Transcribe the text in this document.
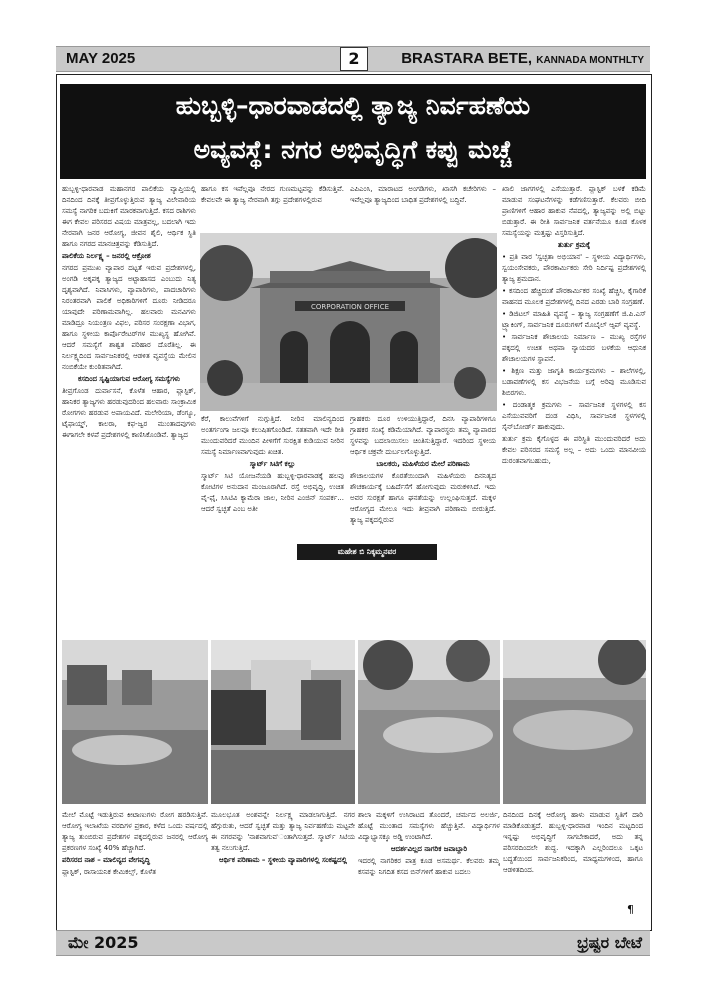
MAY 2025	BRASTARA BETE, KANNADA MONTHLTY
2
ಹುಬ್ಬಳ್ಳಿ–ಧಾರವಾಡದಲ್ಲಿ ತ್ಯಾಜ್ಯ ನಿರ್ವಹಣೆಯ
ಅವ್ಯವಸ್ಥೆ: ನಗರ ಅಭಿವೃದ್ಧಿಗೆ ಕಪ್ಪು ಮಚ್ಚೆ

ಹುಬ್ಬಳ್ಳಿ-ಧಾರವಾಡ ಮಹಾನಗರ ಪಾಲಿಕೆಯ ವ್ಯಾಪ್ತಿಯಲ್ಲಿ ದಿನದಿಂದ ದಿನಕ್ಕೆ ತೀವ್ರಗೊಳ್ಳುತ್ತಿರುವ ತ್ಯಾಜ್ಯ ವಿಲೇವಾರಿಯ ಸಮಸ್ಯೆ ನಾಗರಿಕ ಬದುಕಿಗೆ ಮಾರಕವಾಗುತ್ತಿದೆ. ಕಸದ ರಾಶಿಗಳು ಈಗ ಕೇವಲ ಪರಿಸರದ ವಿಷಯ ಮಾತ್ರವಲ್ಲ, ಬದಲಾಗಿ ಇದು ನೇರವಾಗಿ ಜನರ ಆರೋಗ್ಯ, ಜೀವನ ಶೈಲಿ, ಆರ್ಥಿಕ ಸ್ಥಿತಿ ಹಾಗೂ ನಗರದ ಮಾನಚಿತ್ರವನ್ನು ಕೆಡಿಸುತ್ತಿದೆ.

ಪಾಲಿಕೆಯ ನಿರ್ಲಕ್ಷ್ಯ – ಜನರಲ್ಲಿ ಆಕ್ರೋಶ

ನಗರದ ಪ್ರಮುಖ ವ್ಯಾಪಾರ ದಟ್ಟತೆ ಇರುವ ಪ್ರದೇಶಗಳಲ್ಲಿ, ಅಂಗಡಿ ಅಕ್ಕಪಕ್ಕ ತ್ಯಾಜ್ಯದ ಅಟ್ಟಾಹಾಸದ ಎಂಬುದು ನಿತ್ಯ ದೃಶ್ಯವಾಗಿದೆ. ನಿವಾಸಿಗಳು, ವ್ಯಾಪಾರಿಗಳು, ಪಾದಚಾರಿಗಳು ನಿರಂತರವಾಗಿ ಪಾಲಿಕೆ ಅಧಿಕಾರಿಗಳಿಗೆ ದೂರು ನೀಡಿದರೂ ಯಾವುದೇ ಪರಿಣಾಮವಾಗಿಲ್ಲ. ಹಲವಾರು ಮನವಿಗಳು ಮಾಡಿದ್ರೂ ನಿಯಂತ್ರಣ ವಿಫಲ, ಪರಿಸರ ಸಂರಕ್ಷಣಾ ವಿಭಾಗ, ಹಾಗೂ ಸ್ಥಳೀಯ ಕಾರ್ಪೊರೇಟರ್‌ಗಳ ಮುಖ್ಯಸ್ಥ ಹೋಗಿವೆ. ಆದರೆ ಸಮಸ್ಯೆಗೆ ಶಾಶ್ವತ ಪರಿಹಾರ ದೊರೆತಿಲ್ಲ. ಈ ನಿರ್ಲಕ್ಷ್ಯದಿಂದ ಸಾರ್ವಜನಿಕರಲ್ಲಿ ಆಡಳಿತ ವ್ಯವಸ್ಥೆಯ ಮೇಲಿನ ನಂಬಿಕೆಯೇ ಕುಂಠಿತವಾಗಿದೆ.

ಕಸದಿಂದ ಸೃಷ್ಟಿಯಾಗುವ ಆರೋಗ್ಯ ಸಮಸ್ಯೆಗಳು

ತೀವ್ರಗೊಂಡ ದುರ್ವಾಸನೆ, ಕೊಳೆತ ಆಹಾರ, ಪ್ಲಾಸ್ಟಿಕ್, ಹಾನಿಕರ ತ್ಯಾಜ್ಯಗಳು ಹರಡುವುದರಿಂದ ಹಲವಾರು ಸಾಂಕ್ರಾಮಿಕ ರೋಗಗಳು ಹರಡುವ ಅಪಾಯವಿದೆ. ಮಲೇರಿಯಾ, ಡೆಂಗ್ಯೂ, ಟೈಫಾಯ್ಡ್, ಕಾಲರಾ, ಕಫ-ಜ್ವರ ಮುಂತಾದವುಗಳು ಈಗಾಗಲೇ ಕಳಪೆ ಪ್ರದೇಶಗಳಲ್ಲಿ ಕಾಣಿಸಿಕೊಂಡಿವೆ. ತ್ಯಾಜ್ಯದ

ಹಾಗೂ ಕಸ ಇವೆಲ್ಲವೂ ನೇರದ ಗುಣಮಟ್ಟವನ್ನು ಕೆಡಿಸುತ್ತಿವೆ. ಕೇವಲವೇ ಈ ತ್ಯಾಜ್ಯ ನೇರವಾಗಿ ತಗ್ಗು ಪ್ರದೇಶಗಳಲ್ಲಿರುವ

ಎಪಿಎಂಸಿ, ಮಾರಾಟದ ಅಂಗಡಿಗಳು, ಖಾಸಗಿ ಕಚೇರಿಗಳು – ಇವೆಲ್ಲವೂ ತ್ಯಾಜ್ಯದಿಂದ ಬಾಧಿತ ಪ್ರದೇಶಗಳಲ್ಲಿ ಬದ್ಧಿವೆ.

ಖಾಲಿ ಜಾಗಗಳಲ್ಲಿ ಎಸೆಯುತ್ತಾರೆ. ಪ್ಲಾಸ್ಟಿಕ್ ಬಳಕೆ ಕಡಿಮೆ ಮಾಡುವ ಸಂಘಟನೆಗಳನ್ನು ಕಡೆಗಣಿಸುತ್ತಾರೆ. ಕೆಲವರು ಬೀದಿ ಪ್ರಾಣಿಗಳಿಗೆ ಆಹಾರ ಹಾಕುವ ನೆಪದಲ್ಲಿ, ತ್ಯಾಜ್ಯವನ್ನು ಅಲ್ಲಿ ಬಿಟ್ಟು ಬಿಡುತ್ತಾರೆ. ಈ ರೀತಿ ಸಾರ್ವಜನಿಕ ವರ್ತನೆಯೂ ಕೂಡ ಕೊಳಕ ಸಮಸ್ಯೆಯನ್ನು ಮತ್ತಷ್ಟು ವಿಸ್ತರಿಸುತ್ತಿದೆ.

ತುರ್ತು ಕ್ರಮಕ್ಕೆ

• ಪ್ರತಿ ವಾರ 'ಸ್ವಚ್ಛತಾ ಅಭಿಯಾನ' – ಸ್ಥಳೀಯ ವಿದ್ಯಾರ್ಥಿಗಳು, ಸ್ವಯಂಸೇವಕರು, ಪೌರಕಾರ್ಮಿಕರು ಸೇರಿ ನಿರ್ದಿಷ್ಟ ಪ್ರದೇಶಗಳಲ್ಲಿ ತ್ಯಾಜ್ಯ ಶ್ರಮದಾನ.

• ಕಸದಿಂದ ಹೆಚ್ಚಿದಂತೆ ಪೌರಕಾರ್ಮಿಕರ ಸಂಖ್ಯೆ ಹೆಚ್ಚಿಸಿ, ಕೈಗಾರಿಕೆ ವಾಹನದ ಮೂಲಕ ಪ್ರದೇಶಗಳಲ್ಲಿ ದಿನದ ಎರಡು ಬಾರಿ ಸಂಗ್ರಹಣೆ.

• ಡಿಜಿಟಲ್ ಮಾಹಿತಿ ವ್ಯವಸ್ಥೆ – ತ್ಯಾಜ್ಯ ಸಂಗ್ರಹಣೆಗೆ ಜಿ.ಪಿ.ಎಸ್ ಟ್ರ್ಯಾಕಿಂಗ್, ಸಾರ್ವಜನಿಕ ದೂರುಗಳಿಗೆ ಮೊಬೈಲ್ ಆ್ಯಪ್ ವ್ಯವಸ್ಥೆ.

• ಸಾರ್ವಜನಿಕ ಶೌಚಾಲಯ ನಿರ್ಮಾಣ – ಮುಖ್ಯ ರಸ್ತೆಗಳ ಪಕ್ಕದಲ್ಲಿ ಉಚಿತ ಅಥವಾ ನ್ಯಾಯದರ ಬಳಕೆಯ ಆಧುನಿಕ ಶೌಚಾಲಯಗಳ ಸ್ಥಾಪನೆ.

• ಶಿಕ್ಷಣ ಮತ್ತು ಜಾಗೃತಿ ಕಾರ್ಯಕ್ರಮಗಳು – ಶಾಲೆಗಳಲ್ಲಿ, ಬಡಾವಣೆಗಳಲ್ಲಿ ಕಸ ವಿಭಜನೆಯ ಬಗ್ಗೆ ಅರಿವು ಮೂಡಿಸುವ ಶಿಬಿರಗಳು.

• ದಂಡಾತ್ಮಕ ಕ್ರಮಗಳು – ಸಾರ್ವಜನಿಕ ಸ್ಥಳಗಳಲ್ಲಿ ಕಸ ಎಸೆಯುವವರಿಗೆ ದಂಡ ವಿಧಿಸಿ, ಸಾರ್ವಜನಿಕ ಸ್ಥಳಗಳಲ್ಲಿ ಸೈನ್‌ಬೋರ್ಡ್ ಹಾಕುವುದು.

ತುರ್ತು ಕ್ರಮ ಕೈಗೊಳ್ಳದ ಈ ಪರಿಸ್ಥಿತಿ ಮುಂದುವರಿದರೆ ಅದು ಕೇವಲ ಪರಿಸರದ ಸಮಸ್ಯೆ ಅಲ್ಲ – ಅದು ಒಂದು ಮಾನವೀಯ ದುರಂತವಾಗಬಹುದು,

CORPORATION OFFICE

ಕೆರೆ, ಕಾಲುವೆಗಳಿಗೆ ನುಗ್ಗುತ್ತಿದೆ. ನೀರಿನ ಮಾಲಿನ್ಯದಿಂದ ಅಂತರ್ಗಂಗಾ ಜಲವೂ ಕಲುಷಿತಗೊಂಡಿದೆ. ಸತತವಾಗಿ ಇದೇ ರೀತಿ ಮುಂದುವರಿದರೆ ಮುಂದಿನ ಪೀಳಿಗೆಗೆ ಸುರಕ್ಷಿತ ಕುಡಿಯುವ ನೀರಿನ ಸಮಸ್ಯೆ ನಿರ್ಮಾಣವಾಗುವುದು ಖಚಿತ.

ಸ್ಮಾರ್ಟ್ ಸಿಟಿಗೆ ಕಲ್ಲು

ಸ್ಮಾರ್ಟ್ ಸಿಟಿ ಯೋಜನೆಯಡಿ ಹುಬ್ಬಳ್ಳಿ-ಧಾರವಾಡಕ್ಕೆ ಹಲವು ಕೋಟಿಗಳ ಅನುದಾನ ಮಂಜೂರಾಗಿದೆ. ರಸ್ತೆ ಅಭಿವೃದ್ಧಿ, ಉಚಿತ ವೈ-ಫೈ, ಸಿಸಿಟಿವಿ ಕ್ಯಾಮೆರಾ ಜಾಲ, ನೀರಿನ ಎಂಜಿನ್ ಸಂಪರ್ಕ... ಆದರೆ ಸ್ವಚ್ಛತೆ ಎಂಬ ಅತೀ

ಗ್ರಾಹಕರು ದೂರ ಉಳಿಯುತ್ತಿದ್ದಾರೆ, ದಿನಸಿ ವ್ಯಾಪಾರಿಗಳಿಗೂ ಗ್ರಾಹಕರ ಸಂಖ್ಯೆ ಕಡಿಮೆಯಾಗಿದೆ. ವ್ಯಾಪಾರಸ್ಥರು ತಮ್ಮ ವ್ಯಾಪಾರದ ಸ್ಥಳವನ್ನು ಬದಲಾಯಿಸಲು ಚಿಂತಿಸುತ್ತಿದ್ದಾರೆ. ಇದರಿಂದ ಸ್ಥಳೀಯ ಆರ್ಥಿಕ ಚಕ್ರವೇ ದುರ್ಬಲಗೊಳ್ಳುತ್ತಿದೆ.

ಬಾಲಕರು, ಮಹಿಳೆಯರ ಮೇಲೆ ಪರಿಣಾಮ

ಶೌಚಾಲಯಗಳ ಕೊರತೆಯಿಂದಾಗಿ ಮಹಿಳೆಯರು ದಿನನಿತ್ಯದ ಶೌಚಕಾರ್ಯಕ್ಕೆ ಬಹಿರ್ದೆಸೆಗೆ ಹೋಗುವುದು ಮರುಕಳಿಸಿದೆ. ಇದು ಅವರ ಸುರಕ್ಷತೆ ಹಾಗೂ ಘನತೆಯನ್ನು ಉಲ್ಲಂಘಿಸುತ್ತದೆ. ಮಕ್ಕಳ ಆರೋಗ್ಯದ ಮೇಲೂ ಇದು ತೀವ್ರವಾಗಿ ಪರಿಣಾಮ ಬೀರುತ್ತಿದೆ. ತ್ಯಾಜ್ಯ ಪಕ್ಕದಲ್ಲಿರುವ

ಮಹೇಶ ಬಿ ನಿಕ್ಕಮ್ಮನವರ

ಮೇಲೆ ಮೊಟ್ಟೆ ಇಡುತ್ತಿರುವ ಕೀಟಾಣುಗಳು ರೋಗ ಹರಡಿಸುತ್ತಿವೆ. ಆರೋಗ್ಯ ಇಲಾಖೆಯ ವರದಿಗಳ ಪ್ರಕಾರ, ಕಳೆದ ಒಂದು ವರ್ಷದಲ್ಲಿ ತ್ಯಾಜ್ಯ ತುಂಬಿರುವ ಪ್ರದೇಶಗಳ ಪಕ್ಕದಲ್ಲಿರುವ ಜನರಲ್ಲಿ ಆರೋಗ್ಯ ಪ್ರಕರಣಗಳ ಸಂಖ್ಯೆ 40% ಹೆಚ್ಚಾಗಿದೆ.

ಪರಿಸರದ ನಾಶ – ಮಾಲಿನ್ಯದ ವೇಗವೃದ್ಧಿ

ಪ್ಲಾಸ್ಟಿಕ್, ರಾಸಾಯನಿಕ ಕೇಮಿಕಲ್ಸ್, ಕೊಳೆತ

ಮೂಲಭೂತ ಅಂಶವನ್ನೇ ನಿರ್ಲಕ್ಷ್ಯ ಮಾಡಲಾಗುತ್ತಿದೆ. ನಗರ ಹೆಗ್ಗುರುತು, ಆದರೆ ಸ್ವಚ್ಛತೆ ಮತ್ತು ತ್ಯಾಜ್ಯ ನಿರ್ವಹಣೆಯ ಮಟ್ಟವೇ ಈ ನಗರವನ್ನು 'ನಾಶವಾಗುವ'ಂತಾಗಿಸುತ್ತದೆ. ಸ್ಮಾರ್ಟ್ ಸಿಟಿಯ ತತ್ವ ನಲುಗುತ್ತಿದೆ.

ಆರ್ಥಿಕ ಪರಿಣಾಮ – ಸ್ಥಳೀಯ ವ್ಯಾಪಾರಿಗಳಲ್ಲಿ ಸಂಕಷ್ಟದಲ್ಲಿ

ಶಾಲಾ ಮಕ್ಕಳಿಗೆ ಉಸಿರಾಟದ ತೊಂದರೆ, ಚರ್ಮದ ಅಲರ್ಜಿ, ಹೊಟ್ಟೆ ಮುಂತಾದ ಸಮಸ್ಯೆಗಳು ಹೆಚ್ಚುತ್ತಿವೆ. ವಿದ್ಯಾರ್ಥಿಗಳ ವಿದ್ಯಾಭ್ಯಾಸಕ್ಕೂ ಅಡ್ಡಿ ಉಂಟಾಗಿದೆ.

ಆದರ್ಶವಿಲ್ಲದ ನಾಗರಿಕ ಜವಾಬ್ದಾರಿ

ಇದರಲ್ಲಿ ನಾಗರಿಕರ ಪಾತ್ರ ಕೂಡ ಅಸಮರ್ಥ. ಕೆಲವರು ತಮ್ಮ ಕಸವನ್ನು ನಿಗದಿತ ಕಸದ ಬಿನ್‌ಗಳಿಗೆ ಹಾಕುವ ಬದಲು

ದಿನದಿಂದ ದಿನಕ್ಕೆ ಆರೋಗ್ಯ ಹಾಳು ಮಾಡುವ ಸ್ಥಿತಿಗೆ ದಾರಿ ಮಾಡಿಕೊಡುತ್ತದೆ. ಹುಬ್ಬಳ್ಳಿ-ಧಾರವಾಡ ಇಂದಿನ ಮಟ್ಟದಿಂದ ಇನ್ನಷ್ಟು ಅಭಿವೃದ್ಧಿಗೆ ಸಾಗಬೇಕಾದರೆ, ಅದು ತನ್ನ ಪರಿಸರದಿಂದಲೇ ಶುದ್ಧ. ಇದಕ್ಕಾಗಿ ಎಲ್ಲರಿಂದಲೂ ಒಕ್ಕಟ ಬದ್ಧತೆಯಿಂದ ಸಾರ್ವಜನಿಕರಿಂದ, ಮಾಧ್ಯಮಗಳಿಂದ, ಹಾಗೂ ಆಡಳಿತದಿಂದ.

¶
ಮೇ 2025	ಭ್ರಷ್ಟರ ಬೇಟೆ
